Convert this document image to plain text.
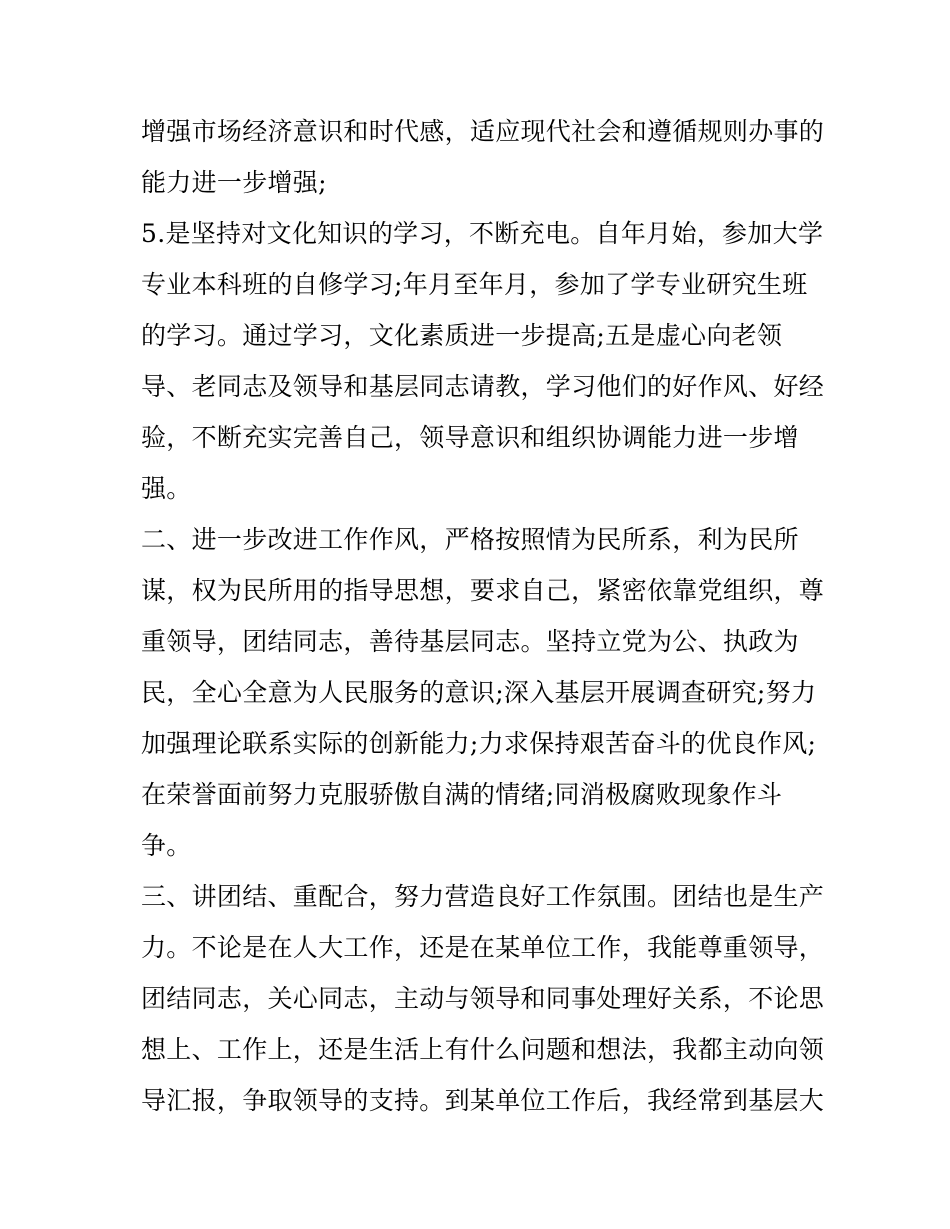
增强市场经济意识和时代感，适应现代社会和遵循规则办事的
能力进一步增强;
5.是坚持对文化知识的学习，不断充电。自年月始，参加大学
专业本科班的自修学习;年月至年月，参加了学专业研究生班
的学习。通过学习，文化素质进一步提高;五是虚心向老领
导、老同志及领导和基层同志请教，学习他们的好作风、好经
验，不断充实完善自己，领导意识和组织协调能力进一步增
强。
二、进一步改进工作作风，严格按照情为民所系，利为民所
谋，权为民所用的指导思想，要求自己，紧密依靠党组织，尊
重领导，团结同志，善待基层同志。坚持立党为公、执政为
民，全心全意为人民服务的意识;深入基层开展调查研究;努力
加强理论联系实际的创新能力;力求保持艰苦奋斗的优良作风;
在荣誉面前努力克服骄傲自满的情绪;同消极腐败现象作斗
争。
三、讲团结、重配合，努力营造良好工作氛围。团结也是生产
力。不论是在人大工作，还是在某单位工作，我能尊重领导，
团结同志，关心同志，主动与领导和同事处理好关系，不论思
想上、工作上，还是生活上有什么问题和想法，我都主动向领
导汇报，争取领导的支持。到某单位工作后，我经常到基层大
